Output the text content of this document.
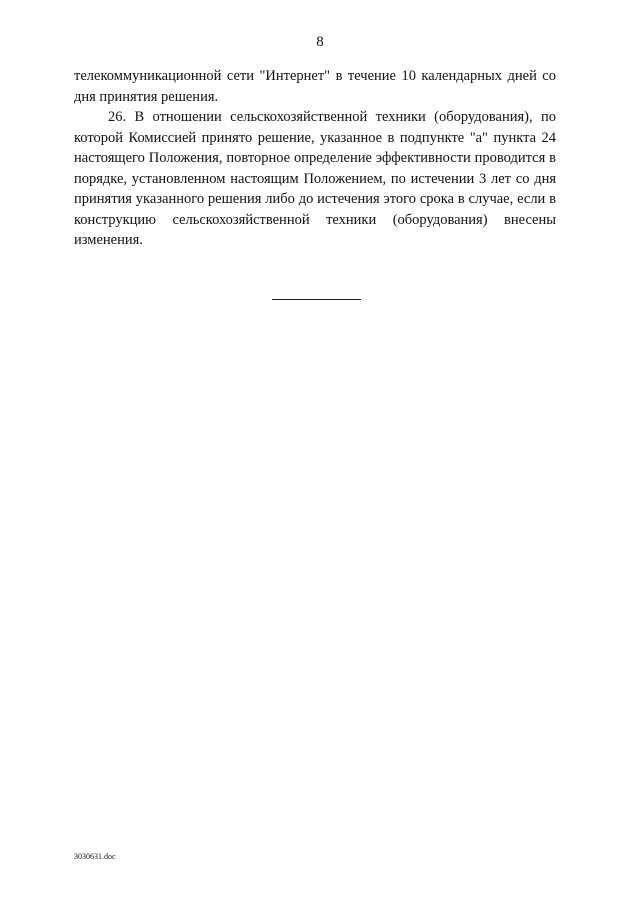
8

телекоммуникационной сети "Интернет" в течение 10 календарных дней со дня принятия решения.

26. В отношении сельскохозяйственной техники (оборудования), по которой Комиссией принято решение, указанное в подпункте "а" пункта 24 настоящего Положения, повторное определение эффективности проводится в порядке, установленном настоящим Положением, по истечении 3 лет со дня принятия указанного решения либо до истечения этого срока в случае, если в конструкцию сельскохозяйственной техники (оборудования) внесены изменения.

3030631.doc
